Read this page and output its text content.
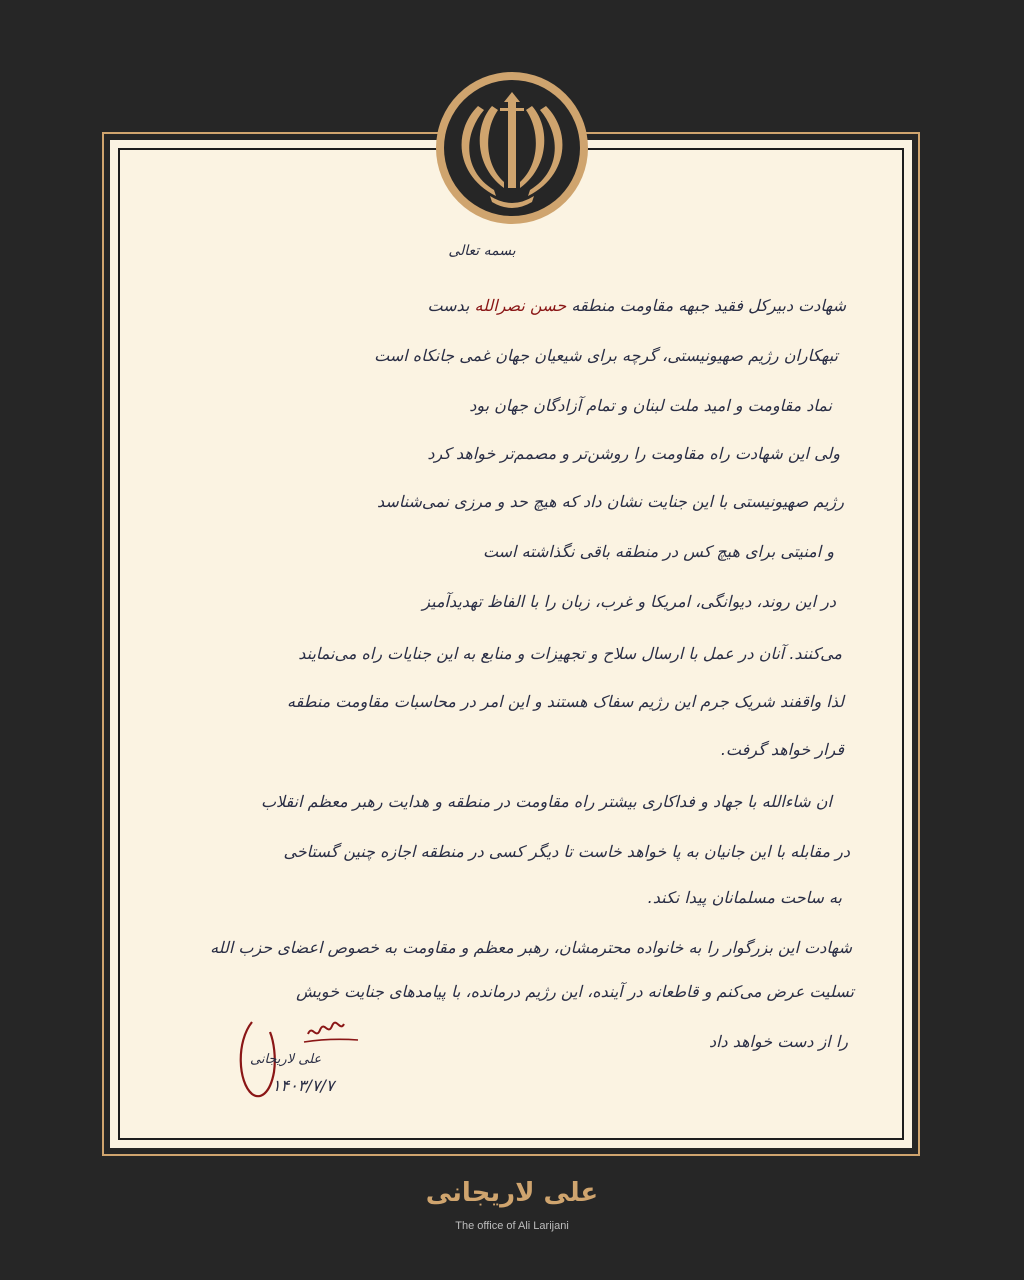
بسمه تعالی
شهادت دبیرکل فقید جبهه مقاومت منطقه حسن نصرالله بدست
تبهکاران رژیم صهیونیستی، گرچه برای شیعیان جهان غمی جانکاه است
نماد مقاومت و امید ملت لبنان و تمام آزادگان جهان بود
ولی این شهادت راه مقاومت را روشن‌تر و مصمم‌تر خواهد کرد
رژیم صهیونیستی با این جنایت نشان داد که هیچ حد و مرزی نمی‌شناسد
و امنیتی برای هیچ کس در منطقه باقی نگذاشته است
در این روند، دیوانگی، امریکا و غرب، زبان را با الفاظ تهدیدآمیز
می‌کنند. آنان در عمل با ارسال سلاح و تجهیزات و منابع به این جنایات راه می‌نمایند
لذا واقفند شریک جرم این رژیم سفاک هستند و این امر در محاسبات مقاومت منطقه
قرار خواهد گرفت.
ان شاءالله با جهاد و فداکاری بیشتر راه مقاومت در منطقه و هدایت رهبر معظم انقلاب
در مقابله با این جانیان به پا خواهد خاست تا دیگر کسی در منطقه اجازه چنین گستاخی
به ساحت مسلمانان پیدا نکند.
شهادت این بزرگوار را به خانواده محترمشان، رهبر معظم و مقاومت به خصوص اعضای حزب الله
تسلیت عرض می‌کنم و قاطعانه در آینده، این رژیم درمانده، با پیامدهای جنایت خویش
را از دست خواهد داد
علی لاریجانی
۱۴۰۳/۷/۷
علی لاریجانی
The office of Ali Larijani
